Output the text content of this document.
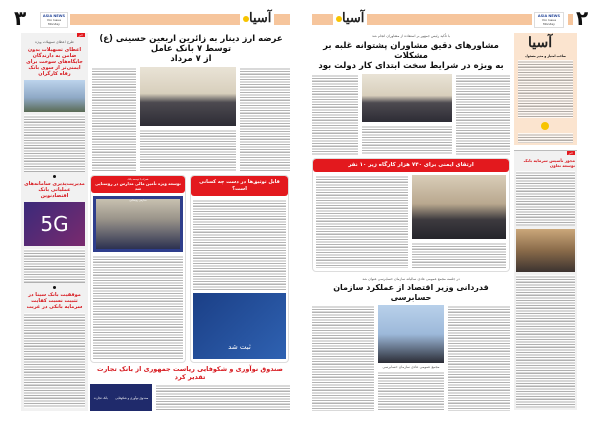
۳	ASIA NEWS
Vol. Issue
Monday	آسیا
خبر
طرح اعطای تسهیلات ویژه
اعطای تسهیلات بدون ضامن به دارندگان جایگاه‌های سوخت برای ایمنی‌تر از سوی بانک رفاه کارگران
مدیریت‌پذیری سامانه‌های عملیاتی بانک اقتصادنوین
5G
موفقیت بانک سینا در تثبیت نسبت کفایت سرمایه بانکی در غربت
عرضه ارز دینار به زائرین اربعین حسینی (ع) توسط ۷ بانک عامل
از ۷ مرداد
همراه با توسعه بانک
توسعه ویژه تأمین مالی مدارس در روستایی شد
مدارس روستایی
قابل توثیق‌ها در دست چه کسانی است؟
ثبت شد
صندوق نوآوری و شکوفایی ریاست جمهوری از بانک تجارت تقدیر کرد
بانک تجارت صندوق نوآوری و شکوفایی
۲
ASIA NEWS
Vol. Issue
Monday
آسیا
با تأکید رئیس جمهور بر استفاده از مشاوران انجام شد
مشاورهای دقیق مشاوران پشتوانه غلبه بر مشکلات
به ویژه در شرایط سخت ابتدای کار دولت بود
ارتقای ایمنی برای ۷۴۰ هزار کارگاه زیر ۱۰ نفر
در جلسه مجمع عمومی عادی سالیانه سازمان حسابرسی عنوان شد
قدردانی وزیر اقتصاد از عملکرد سازمان حسابرسی
مجمع عمومی عادی سازمان حسابرسی
آسیا
صاحب امتیاز و مدیر مسئول
خبر
مجوز تأسیس سرمایه بانک توسعه تعاون
